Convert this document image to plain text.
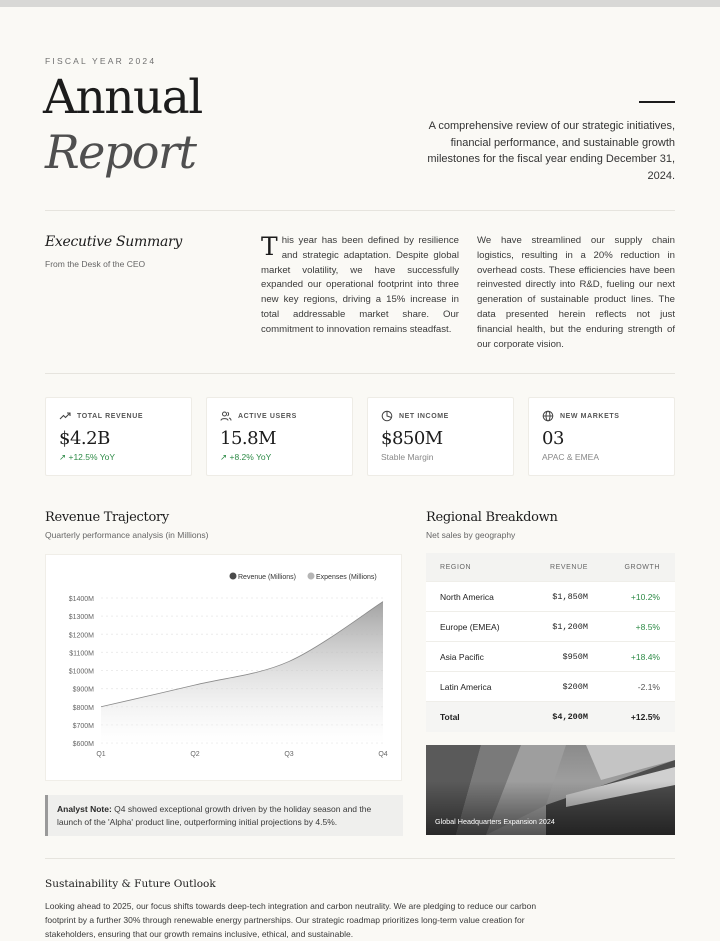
FISCAL YEAR 2024
Annual
Report	A comprehensive review of our strategic initiatives, financial performance, and sustainable growth milestones for the fiscal year ending December 31, 2024.
Executive Summary
From the Desk of the CEO
This year has been defined by resilience and strategic adaptation. Despite global market volatility, we have successfully expanded our operational footprint into three new key regions, driving a 15% increase in total addressable market share. Our commitment to innovation remains steadfast.
We have streamlined our supply chain logistics, resulting in a 20% reduction in overhead costs. These efficiencies have been reinvested directly into R&D, fueling our next generation of sustainable product lines. The data presented herein reflects not just financial health, but the enduring strength of our corporate vision.
TOTAL REVENUE
$4.2B
↗ +12.5% YoY
ACTIVE USERS
15.8M
↗ +8.2% YoY
NET INCOME
$850M
Stable Margin
NEW MARKETS
03
APAC & EMEA
Revenue Trajectory
Quarterly performance analysis (in Millions)
$600M
$700M
$800M
$900M
$1000M
$1100M
$1200M
$1300M
$1400M
Q1	Q2	Q3	Q4
Revenue (Millions)	Expenses (Millions)
Analyst Note: Q4 showed exceptional growth driven by the holiday season and the launch of the 'Alpha' product line, outperforming initial projections by 4.5%.
Regional Breakdown
Net sales by geography
REGION	REVENUE	GROWTH
North America	$1,850M	+10.2%
Europe (EMEA)	$1,200M	+8.5%
Asia Pacific	$950M	+18.4%
Latin America	$200M	-2.1%
Total	$4,200M	+12.5%
Global Headquarters Expansion 2024
Sustainability & Future Outlook
Looking ahead to 2025, our focus shifts towards deep-tech integration and carbon neutrality. We are pledging to reduce our carbon footprint by a further 30% through renewable energy partnerships. Our strategic roadmap prioritizes long-term value creation for stakeholders, ensuring that our growth remains inclusive, ethical, and sustainable.
